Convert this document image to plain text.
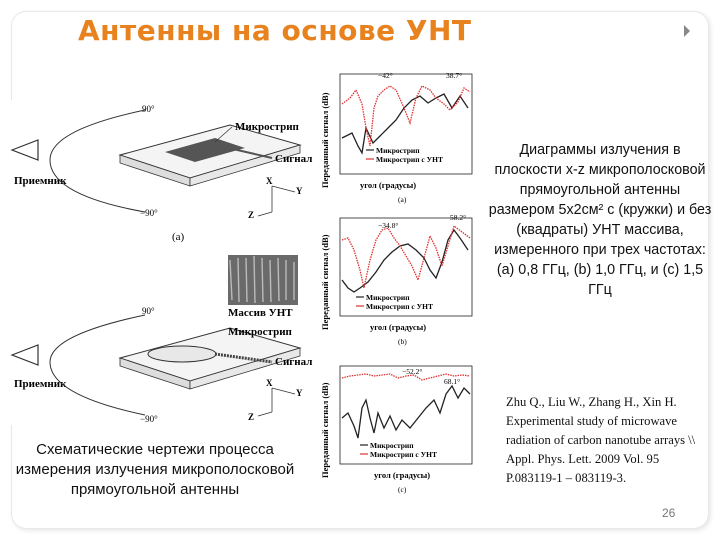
Антенны на основе УНТ
Приемник
90°
−90°
Микрострип
Сигнал
X
Y
Z
(a)
Массив УНТ
Приемник
90°
−90°
Микрострип
Сигнал
X
Y
Z
Переданный сигнал (dB)
−42°	38.7°
Микрострип
Микрострип с УНТ
угол (градусы)
(a)
Переданный сигнал (dB)
−34.8°
58.2°
Микрострип
Микрострип с УНТ
угол (градусы)
(b)
Переданный сигнал (dB)
−52.2°
68.1°
Микрострип
Микрострип с УНТ
угол (градусы)
(c)
Диаграммы излучения в плоскости x-z микрополосковой прямоугольной антенны размером 5х2см² с (кружки) и без (квадраты) УНТ массива, измеренного при трех частотах: (а) 0,8 ГГц, (b) 1,0 ГГц, и (с) 1,5 ГГц
Схематические чертежи процесса измерения излучения микрополосковой прямоугольной антенны
Zhu Q., Liu W., Zhang H., Xin H. Experimental study of microwave radiation of carbon nanotube arrays \\ Appl. Phys. Lett. 2009 Vol. 95 P.083119-1 – 083119-3.
26
